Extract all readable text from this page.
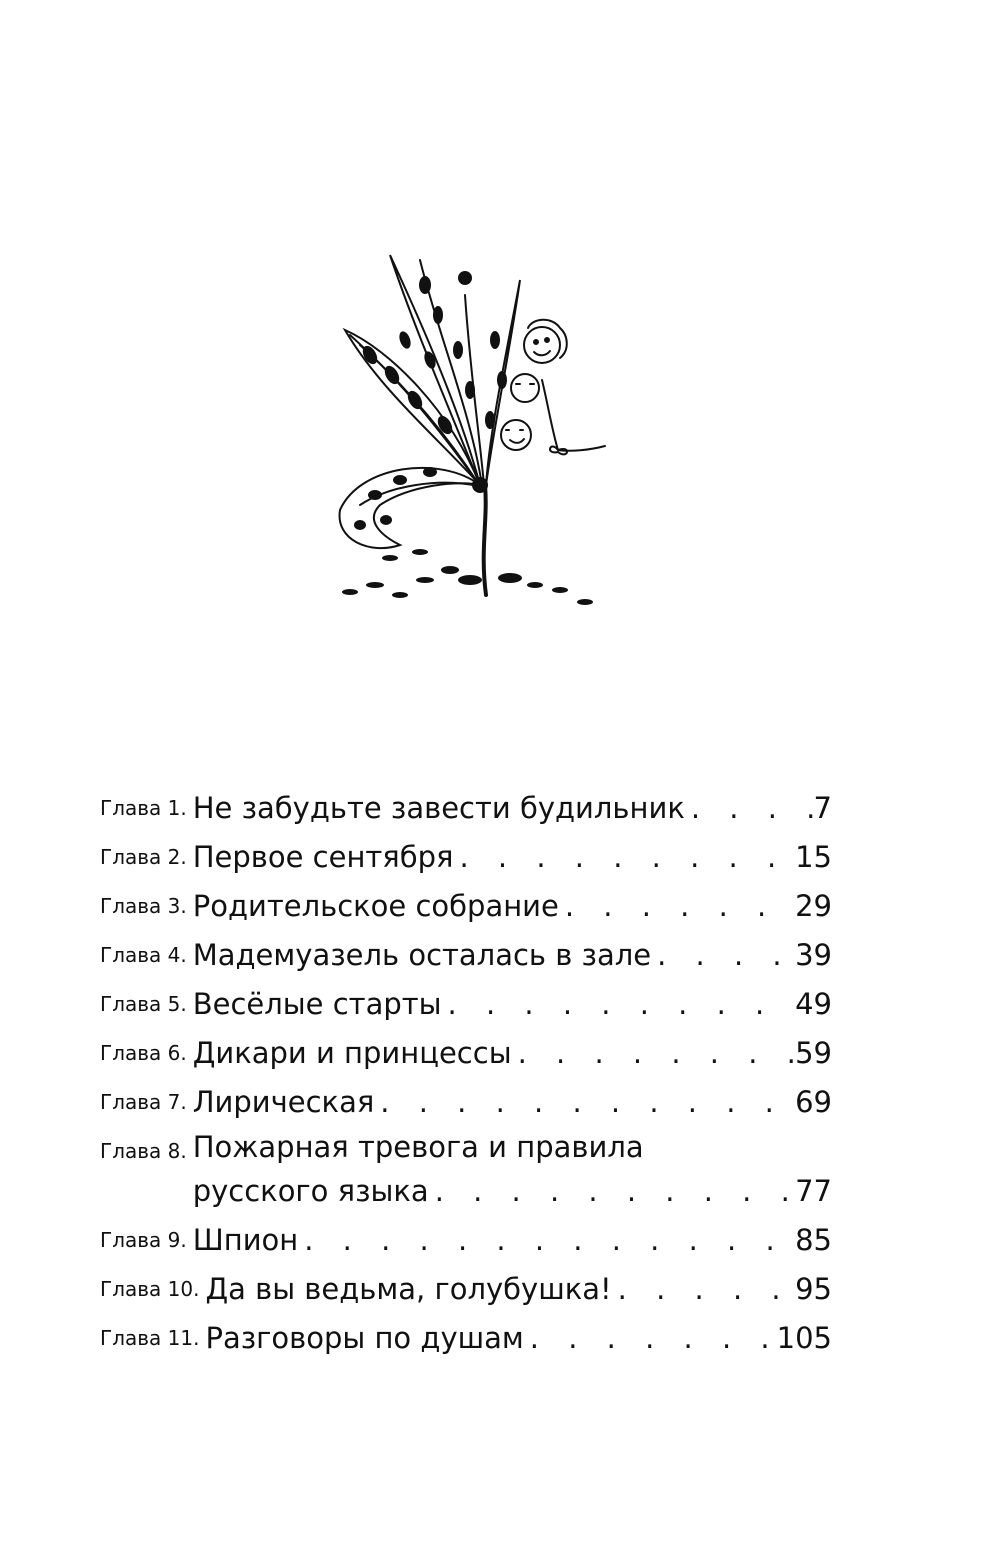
Глава 1. Не забудьте завести будильник . . .	7
Глава 2. Первое сентября . . .	15
Глава 3. Родительское собрание . . .	29
Глава 4. Мадемуазель осталась в зале . . .	39
Глава 5. Весёлые старты . . .	49
Глава 6. Дикари и принцессы . . .	59
Глава 7. Лирическая . . .	69
Глава 8. Пожарная тревога и правила
русского языка . . .	77
Глава 9. Шпион . . .	85
Глава 10. Да вы ведьма, голубушка! . . .	95
Глава 11. Разговоры по душам . . .	105
